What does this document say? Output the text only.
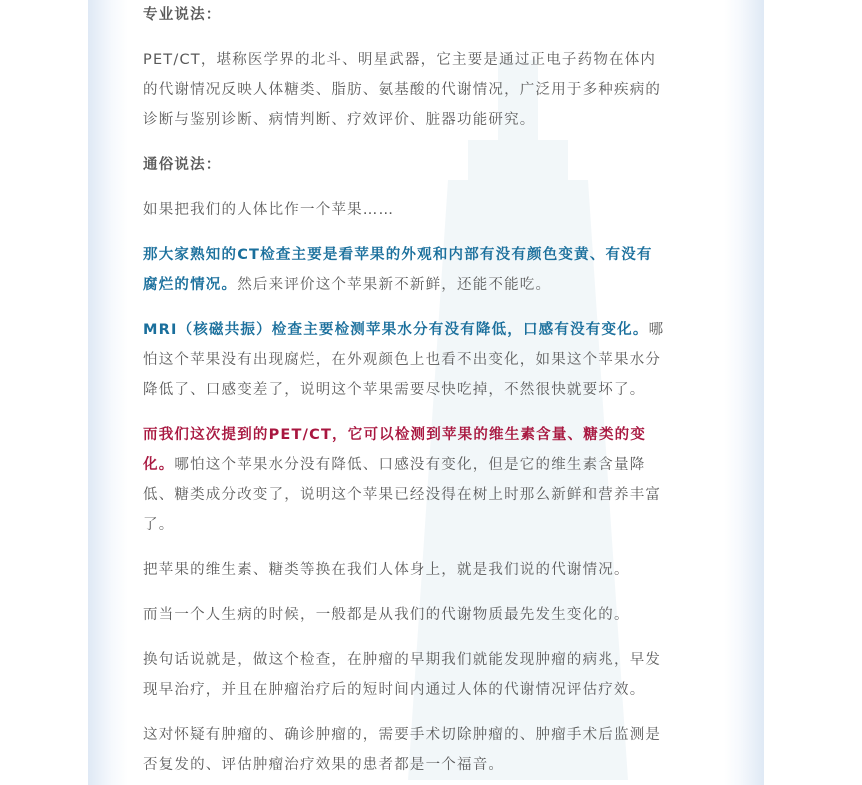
专业说法：

PET/CT，堪称医学界的北斗、明星武器，它主要是通过正电子药物在体内

的代谢情况反映人体糖类、脂肪、氨基酸的代谢情况，广泛用于多种疾病的

诊断与鉴别诊断、病情判断、疗效评价、脏器功能研究。

通俗说法：

如果把我们的人体比作一个苹果……

那大家熟知的CT检查主要是看苹果的外观和内部有没有颜色变黄、有没有

腐烂的情况。然后来评价这个苹果新不新鲜，还能不能吃。

MRI（核磁共振）检查主要检测苹果水分有没有降低，口感有没有变化。哪

怕这个苹果没有出现腐烂，在外观颜色上也看不出变化，如果这个苹果水分

降低了、口感变差了，说明这个苹果需要尽快吃掉，不然很快就要坏了。

而我们这次提到的PET/CT，它可以检测到苹果的维生素含量、糖类的变

化。哪怕这个苹果水分没有降低、口感没有变化，但是它的维生素含量降

低、糖类成分改变了，说明这个苹果已经没得在树上时那么新鲜和营养丰富

了。

把苹果的维生素、糖类等换在我们人体身上，就是我们说的代谢情况。

而当一个人生病的时候，一般都是从我们的代谢物质最先发生变化的。

换句话说就是，做这个检查，在肿瘤的早期我们就能发现肿瘤的病兆，早发

现早治疗，并且在肿瘤治疗后的短时间内通过人体的代谢情况评估疗效。

这对怀疑有肿瘤的、确诊肿瘤的，需要手术切除肿瘤的、肿瘤手术后监测是

否复发的、评估肿瘤治疗效果的患者都是一个福音。
